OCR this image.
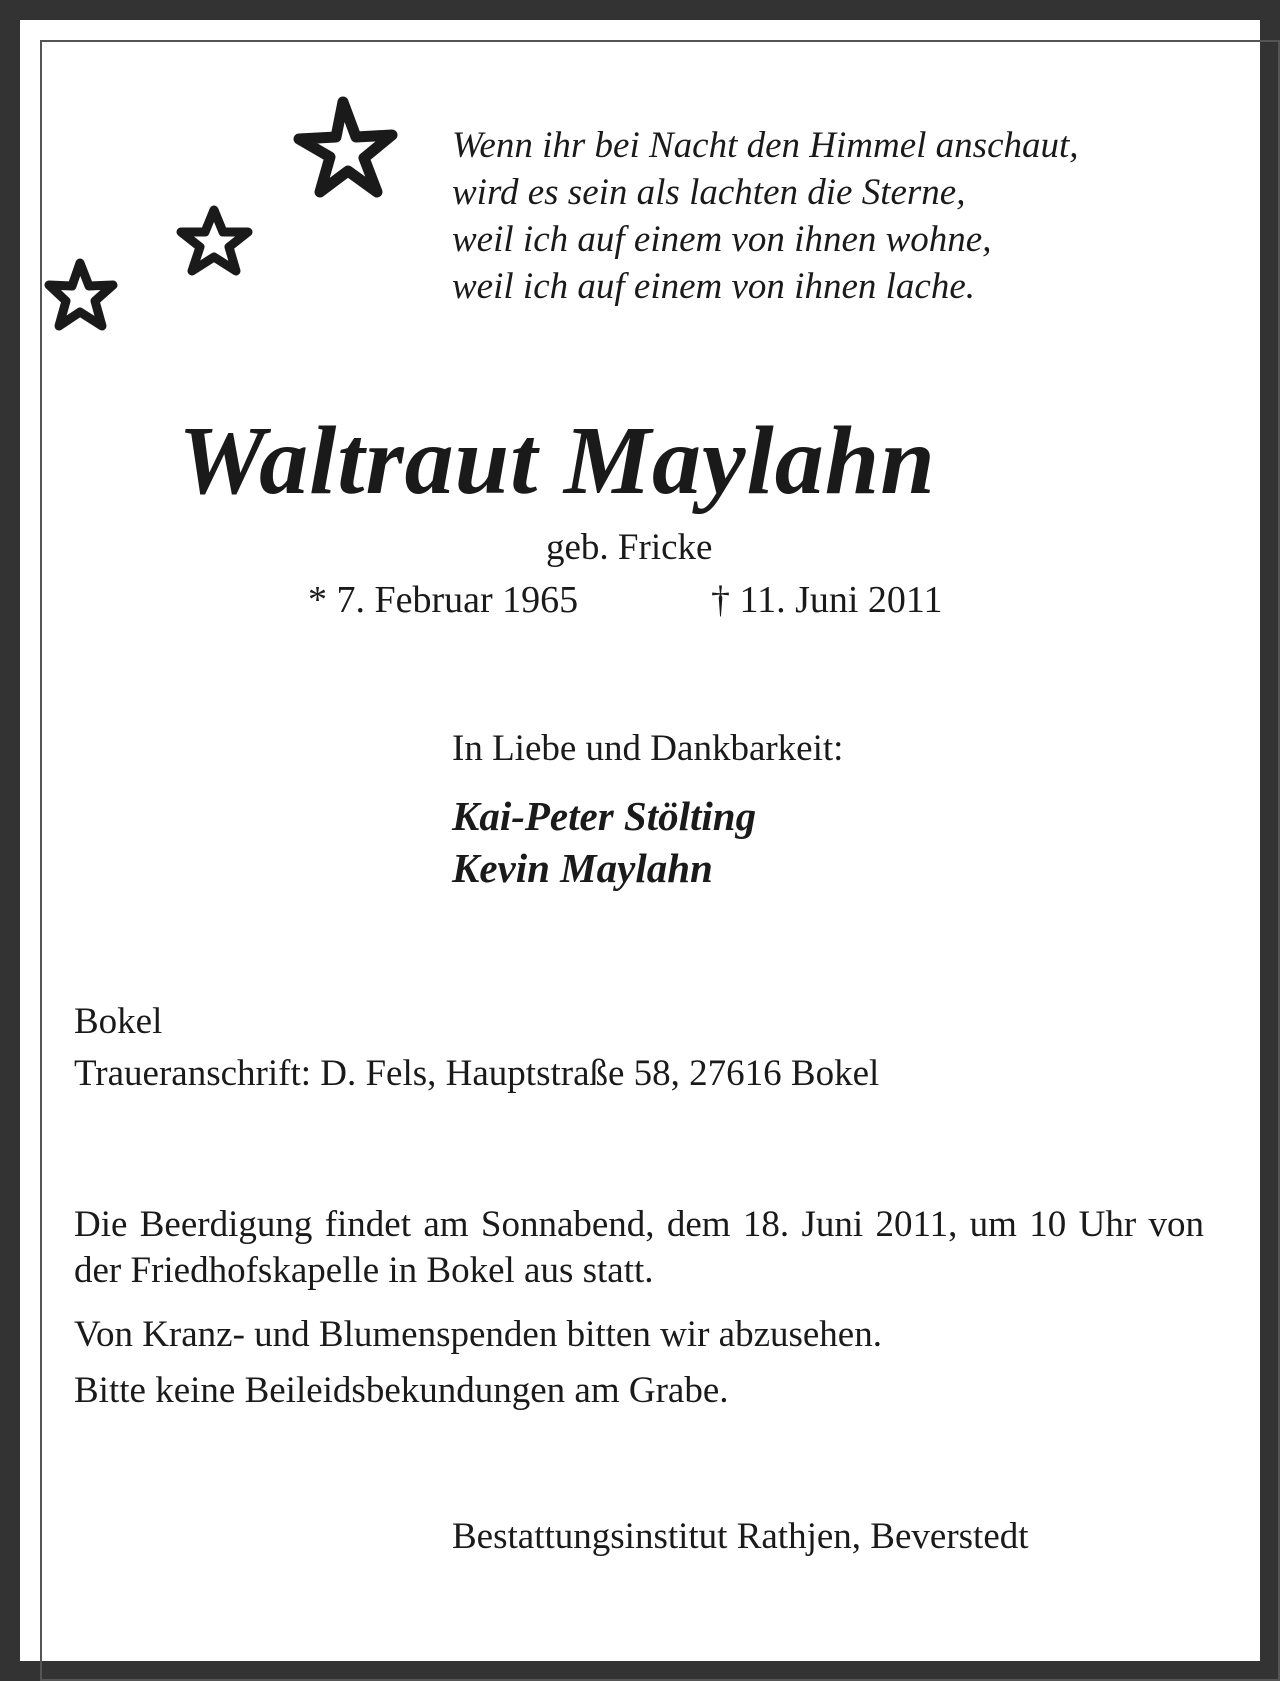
Wenn ihr bei Nacht den Himmel anschaut,
wird es sein als lachten die Sterne,
weil ich auf einem von ihnen wohne,
weil ich auf einem von ihnen lache.
Waltraut Maylahn
geb. Fricke
* 7. Februar 1965	† 11. Juni 2011
In Liebe und Dankbarkeit:
Kai-Peter Stölting
Kevin Maylahn
Bokel
Traueranschrift: D. Fels, Hauptstraße 58, 27616 Bokel
Die Beerdigung findet am Sonnabend, dem 18. Juni 2011, um 10 Uhr von der Friedhofskapelle in Bokel aus statt.
Von Kranz- und Blumenspenden bitten wir abzusehen.
Bitte keine Beileidsbekundungen am Grabe.
Bestattungsinstitut Rathjen, Beverstedt
